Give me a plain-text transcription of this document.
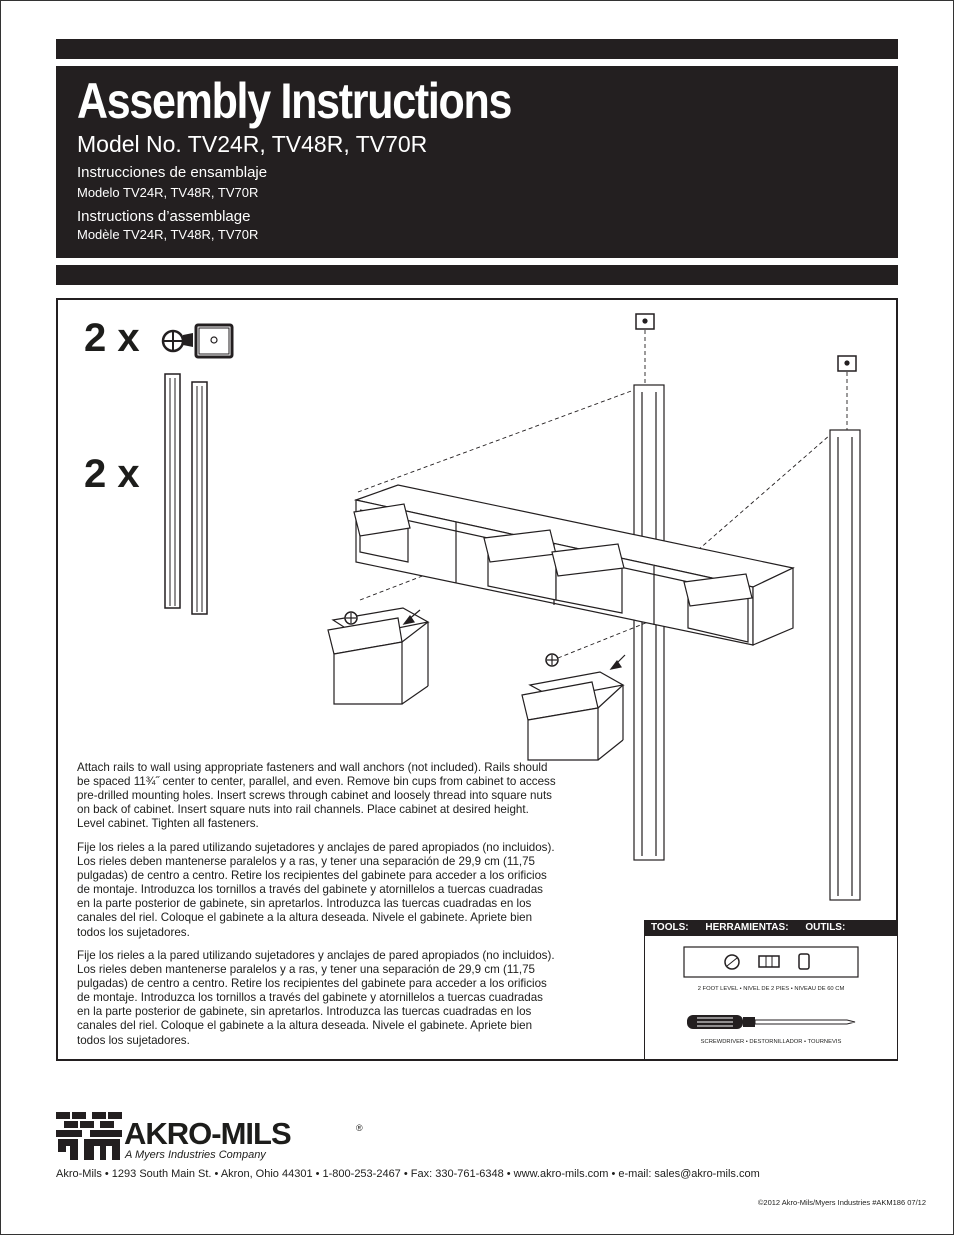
Assembly Instructions
Model No. TV24R, TV48R, TV70R
Instrucciones de ensamblaje
Modelo TV24R, TV48R, TV70R
Instructions d’assemblage
Modèle TV24R, TV48R, TV70R
2 x
2 x
Attach rails to wall using appropriate fasteners and wall anchors (not included). Rails should be spaced 11¾˝ center to center, parallel, and even. Remove bin cups from cabinet to access pre-drilled mounting holes. Insert screws through cabinet and loosely thread into square nuts on back of cabinet. Insert square nuts into rail channels. Place cabinet at desired height. Level cabinet. Tighten all fasteners.
Fije los rieles a la pared utilizando sujetadores y anclajes de pared apropiados (no incluidos). Los rieles deben mantenerse paralelos y a ras, y tener una separación de 29,9 cm (11,75 pulgadas) de centro a centro. Retire los recipientes del gabinete para acceder a los orificios de montaje. Introduzca los tornillos a través del gabinete y atornillelos a tuercas cuadradas en la parte posterior de gabinete, sin apretarlos. Introduzca las tuercas cuadradas en los canales del riel. Coloque el gabinete a la altura deseada. Nivele el gabinete. Apriete bien todos los sujetadores.
Fije los rieles a la pared utilizando sujetadores y anclajes de pared apropiados (no incluidos). Los rieles deben mantenerse paralelos y a ras, y tener una separación de 29,9 cm (11,75 pulgadas) de centro a centro. Retire los recipientes del gabinete para acceder a los orificios de montaje. Introduzca los tornillos a través del gabinete y atornillelos a tuercas cuadradas en la parte posterior de gabinete, sin apretarlos. Introduzca las tuercas cuadradas en los canales del riel. Coloque el gabinete a la altura deseada. Nivele el gabinete. Apriete bien todos los sujetadores.
TOOLS: HERRAMIENTAS: OUTILS:
2 FOOT LEVEL • NIVEL DE 2 PIES • NIVEAU DE 60 CM
SCREWDRIVER • DESTORNILLADOR • TOURNEVIS
AKRO-MILS	®
A Myers Industries Company
Akro-Mils • 1293 South Main St. • Akron, Ohio 44301 • 1-800-253-2467 • Fax: 330-761-6348 • www.akro-mils.com • e-mail: sales@akro-mils.com
©2012 Akro-Mils/Myers Industries #AKM186 07/12
